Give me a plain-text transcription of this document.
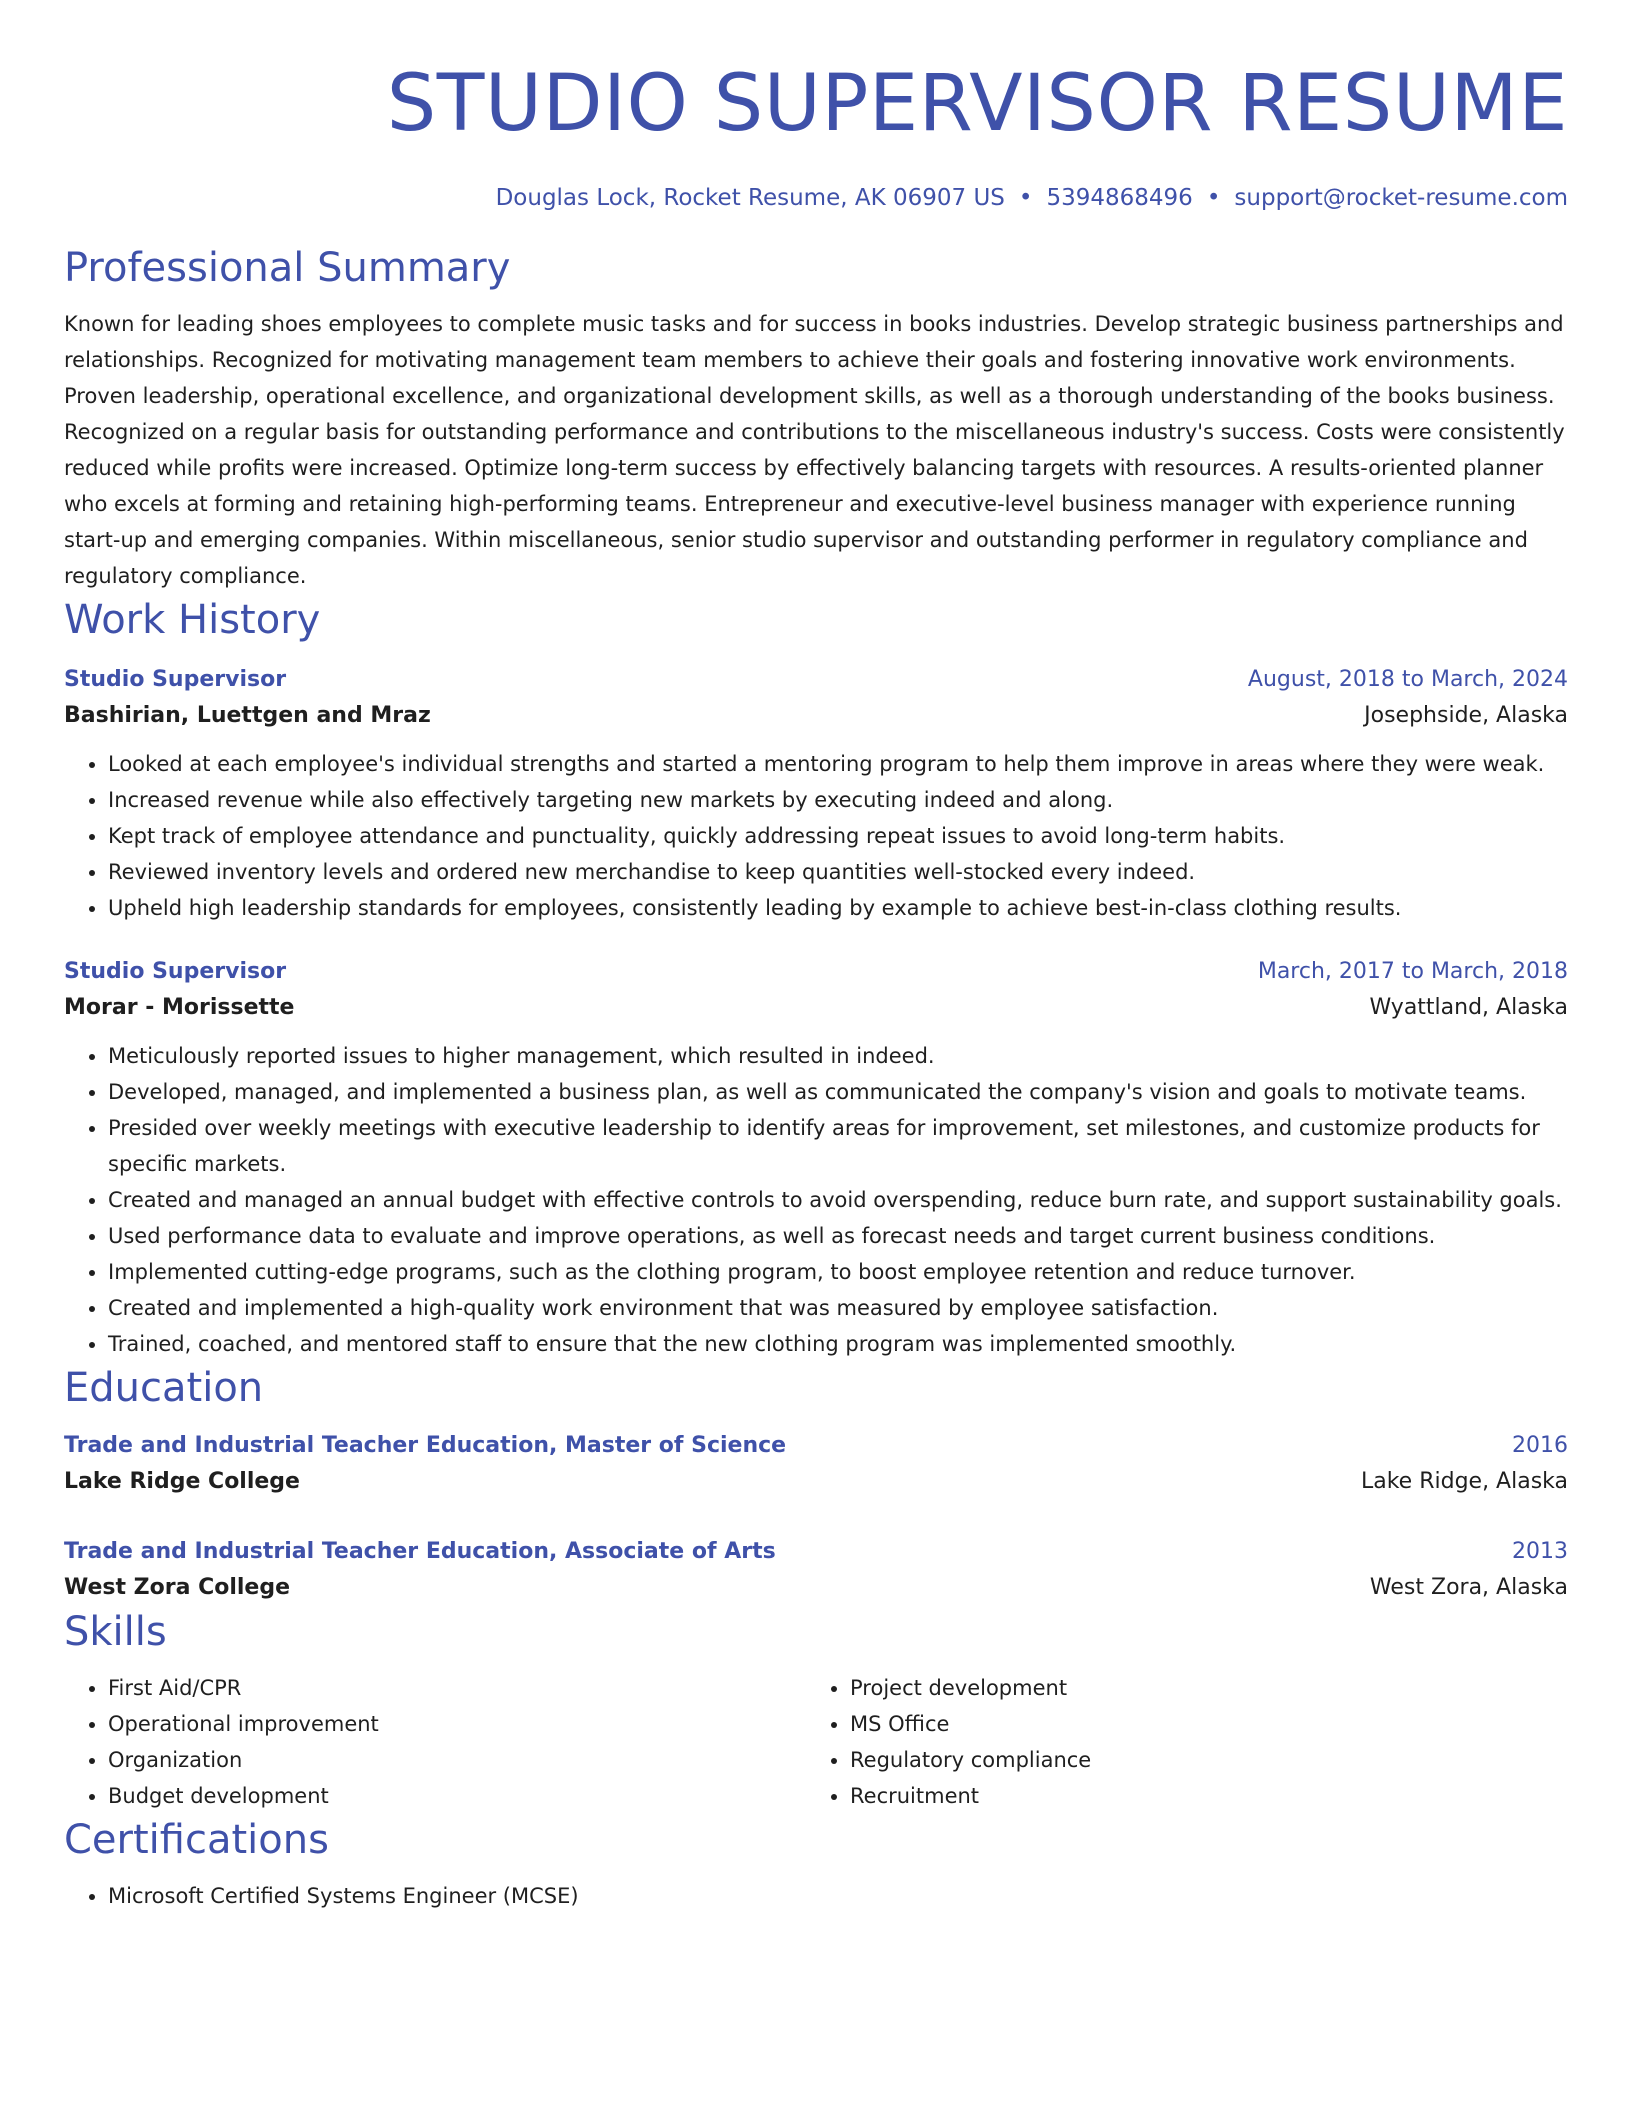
STUDIO SUPERVISOR RESUME
Douglas Lock, Rocket Resume, AK 06907 US • 5394868496 • support@rocket-resume.com
Professional Summary
Known for leading shoes employees to complete music tasks and for success in books industries. Develop strategic business partnerships and relationships. Recognized for motivating management team members to achieve their goals and fostering innovative work environments. Proven leadership, operational excellence, and organizational development skills, as well as a thorough understanding of the books business. Recognized on a regular basis for outstanding performance and contributions to the miscellaneous industry's success. Costs were consistently reduced while profits were increased. Optimize long-term success by effectively balancing targets with resources. A results-oriented planner who excels at forming and retaining high-performing teams. Entrepreneur and executive-level business manager with experience running start-up and emerging companies. Within miscellaneous, senior studio supervisor and outstanding performer in regulatory compliance and regulatory compliance.
Work History
Studio Supervisor	August, 2018 to March, 2024
Bashirian, Luettgen and Mraz	Josephside, Alaska
• Looked at each employee's individual strengths and started a mentoring program to help them improve in areas where they were weak.
• Increased revenue while also effectively targeting new markets by executing indeed and along.
• Kept track of employee attendance and punctuality, quickly addressing repeat issues to avoid long-term habits.
• Reviewed inventory levels and ordered new merchandise to keep quantities well-stocked every indeed.
• Upheld high leadership standards for employees, consistently leading by example to achieve best-in-class clothing results.
Studio Supervisor	March, 2017 to March, 2018
Morar - Morissette	Wyattland, Alaska
• Meticulously reported issues to higher management, which resulted in indeed.
• Developed, managed, and implemented a business plan, as well as communicated the company's vision and goals to motivate teams.
• Presided over weekly meetings with executive leadership to identify areas for improvement, set milestones, and customize products for specific markets.
• Created and managed an annual budget with effective controls to avoid overspending, reduce burn rate, and support sustainability goals.
• Used performance data to evaluate and improve operations, as well as forecast needs and target current business conditions.
• Implemented cutting-edge programs, such as the clothing program, to boost employee retention and reduce turnover.
• Created and implemented a high-quality work environment that was measured by employee satisfaction.
• Trained, coached, and mentored staff to ensure that the new clothing program was implemented smoothly.
Education
Trade and Industrial Teacher Education, Master of Science	2016
Lake Ridge College	Lake Ridge, Alaska
Trade and Industrial Teacher Education, Associate of Arts	2013
West Zora College	West Zora, Alaska
Skills
• First Aid/CPR
• Operational improvement
• Organization
• Budget development
• Project development
• MS Office
• Regulatory compliance
• Recruitment
Certifications
• Microsoft Certified Systems Engineer (MCSE)
